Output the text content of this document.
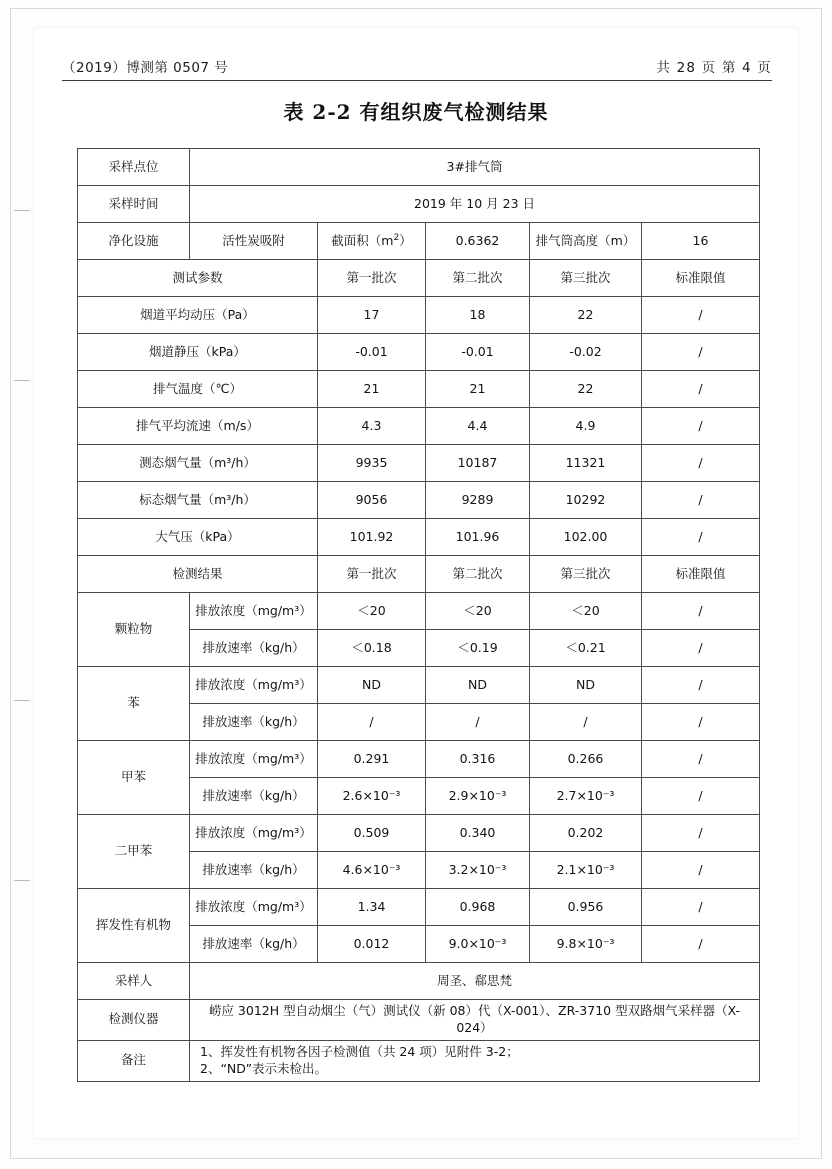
（2019）博测第 0507 号	共 28 页 第 4 页
表 2-2 有组织废气检测结果
采样点位	3#排气筒				
采样时间	2019 年 10 月 23 日				
净化设施	活性炭吸附	截面积$(m^2)$	0.6362	排气筒高度（m）	16
测试参数		第一批次	第二批次	第三批次	标准限值
烟道平均动压（Pa）		17	18	22	/
烟道静压（kPa）		-0.01	-0.01	-0.02	/
排气温度（℃）		21	21	22	/
排气平均流速（m/s）		4.3	4.4	4.9	/
测态烟气量（m³/h）		9935	10187	11321	/
标态烟气量（m³/h）		9056	9289	10292	/
大气压（kPa）		101.92	101.96	102.00	/
检测结果		第一批次	第二批次	第三批次	标准限值
颗粒物	排放浓度（mg/m³）	＜20	＜20	＜20	/
	排放速率（kg/h）	＜0.18	＜0.19	＜0.21	/
苯	排放浓度（mg/m³）	ND	ND	ND	/
	排放速率（kg/h）	/	/	/	/
甲苯	排放浓度（mg/m³）	0.291	0.316	0.266	/
	排放速率（kg/h）	2.6×10⁻³	2.9×10⁻³	2.7×10⁻³	/
二甲苯	排放浓度（mg/m³）	0.509	0.340	0.202	/
	排放速率（kg/h）	4.6×10⁻³	3.2×10⁻³	2.1×10⁻³	/
挥发性有机物	排放浓度（mg/m³）	1.34	0.968	0.956	/
	排放速率（kg/h）	0.012	9.0×10⁻³	9.8×10⁻³	/
采样人	周圣、郗思梵				
检测仪器	崂应 3012H 型自动烟尘（气）测试仪（新 08）代（X-001）、ZR-3710 型双路烟气采样器（X-024）				
备注	1、挥发性有机物各因子检测值（共 24 项）见附件 3-2；
2、“ND”表示未检出。				
